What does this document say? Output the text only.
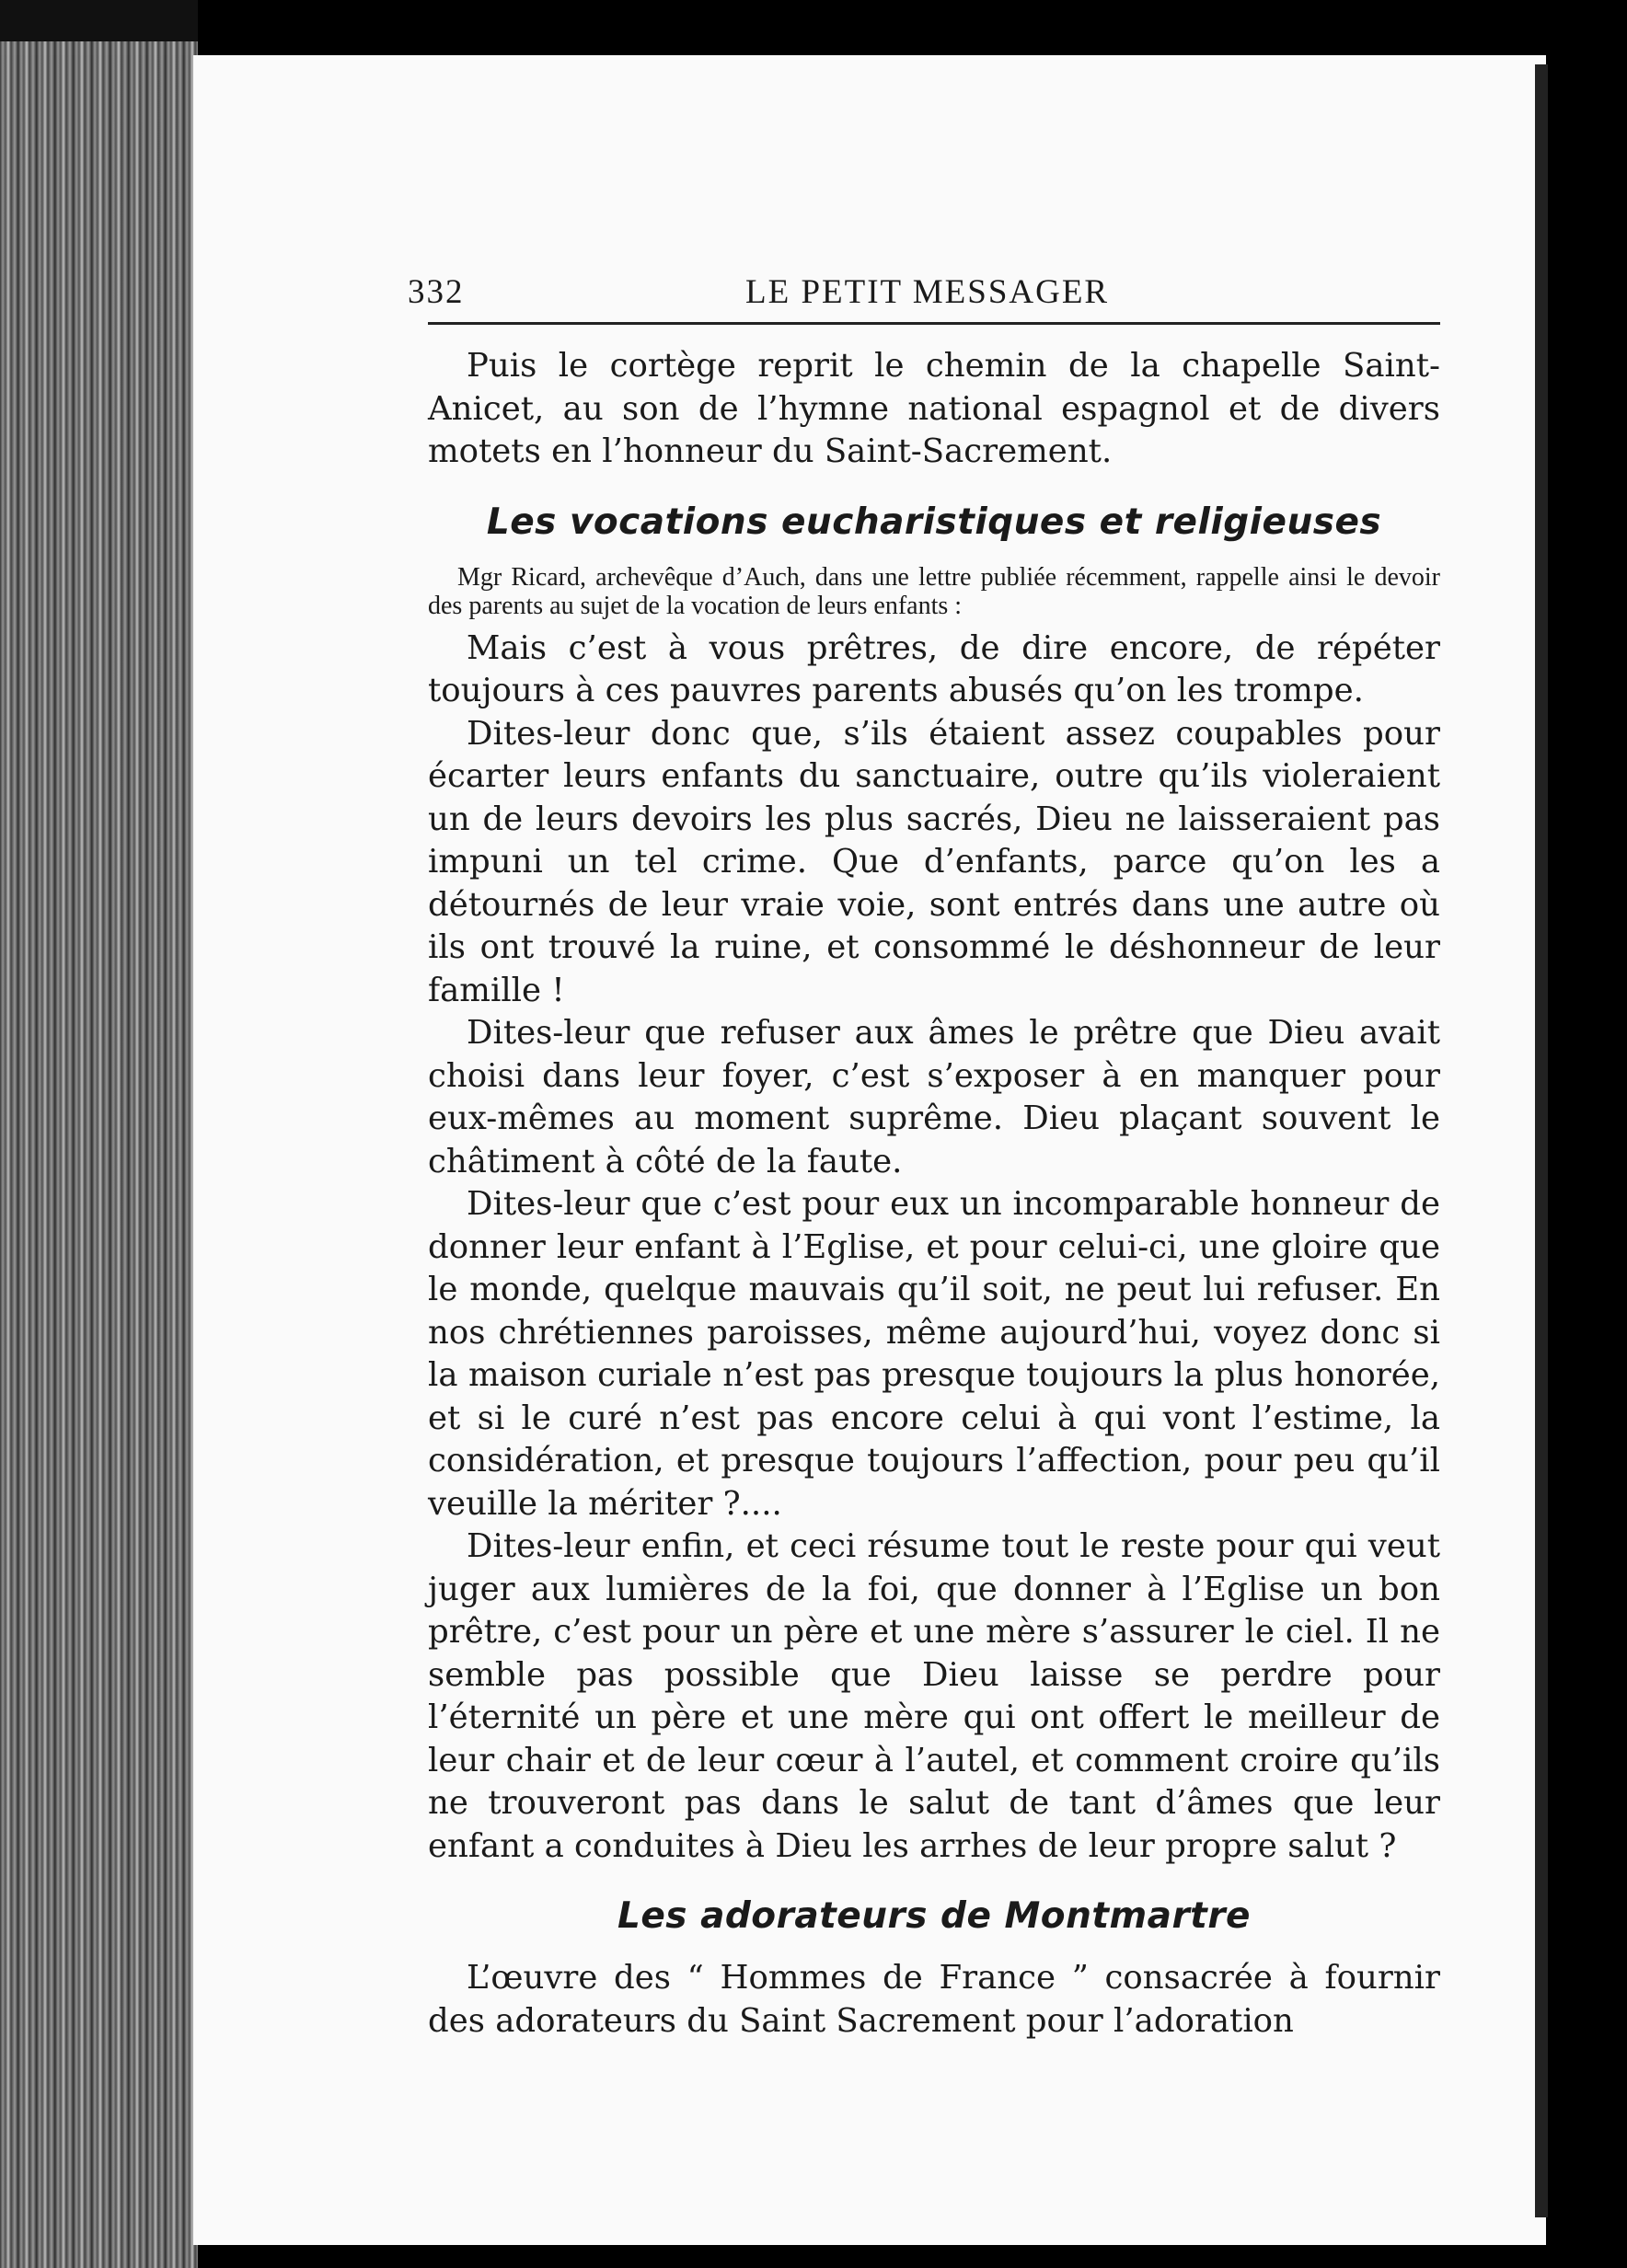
332	LE PETIT MESSAGER

Puis le cortège reprit le chemin de la chapelle Saint-Anicet, au son de l’hymne national espagnol et de divers motets en l’honneur du Saint-Sacrement.

Les vocations eucharistiques et religieuses

Mgr Ricard, archevêque d’Auch, dans une lettre publiée récemment, rappelle ainsi le devoir des parents au sujet de la vocation de leurs enfants :

Mais c’est à vous prêtres, de dire encore, de répéter toujours à ces pauvres parents abusés qu’on les trompe.

Dites-leur donc que, s’ils étaient assez coupables pour écarter leurs enfants du sanctuaire, outre qu’ils violeraient un de leurs devoirs les plus sacrés, Dieu ne laisseraient pas impuni un tel crime. Que d’enfants, parce qu’on les a détournés de leur vraie voie, sont entrés dans une autre où ils ont trouvé la ruine, et consommé le déshonneur de leur famille !

Dites-leur que refuser aux âmes le prêtre que Dieu avait choisi dans leur foyer, c’est s’exposer à en manquer pour eux-mêmes au moment suprême. Dieu plaçant souvent le châtiment à côté de la faute.

Dites-leur que c’est pour eux un incomparable honneur de donner leur enfant à l’Eglise, et pour celui-ci, une gloire que le monde, quelque mauvais qu’il soit, ne peut lui refuser. En nos chrétiennes paroisses, même aujourd’hui, voyez donc si la maison curiale n’est pas presque toujours la plus honorée, et si le curé n’est pas encore celui à qui vont l’estime, la considération, et presque toujours l’affection, pour peu qu’il veuille la mériter ?....

Dites-leur enfin, et ceci résume tout le reste pour qui veut juger aux lumières de la foi, que donner à l’Eglise un bon prêtre, c’est pour un père et une mère s’assurer le ciel. Il ne semble pas possible que Dieu laisse se perdre pour l’éternité un père et une mère qui ont offert le meilleur de leur chair et de leur cœur à l’autel, et comment croire qu’ils ne trouveront pas dans le salut de tant d’âmes que leur enfant a conduites à Dieu les arrhes de leur propre salut ?

Les adorateurs de Montmartre

L’œuvre des “ Hommes de France ” consacrée à fournir des adorateurs du Saint Sacrement pour l’adoration
